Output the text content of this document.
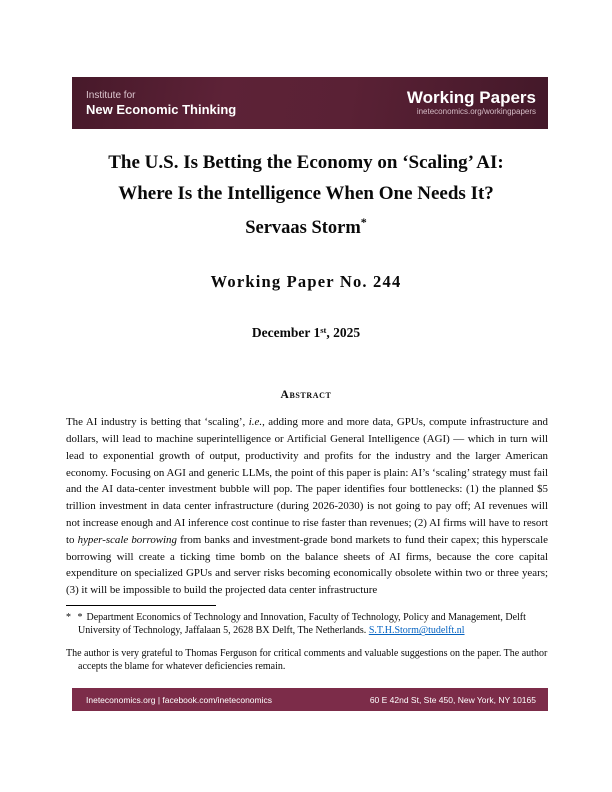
Institute for
New Economic Thinking
Working Papers
ineteconomics.org/workingpapers
The U.S. Is Betting the Economy on ‘Scaling’ AI:
Where Is the Intelligence When One Needs It?
Servaas Storm*
Working Paper No. 244
December 1st, 2025
Abstract

The AI industry is betting that ‘scaling’, i.e., adding more and more data, GPUs, compute infrastructure and dollars, will lead to machine superintelligence or Artificial General Intelligence (AGI) — which in turn will lead to exponential growth of output, productivity and profits for the industry and the larger American economy. Focusing on AGI and generic LLMs, the point of this paper is plain: AI’s ‘scaling’ strategy must fail and the AI data-center investment bubble will pop. The paper identifies four bottlenecks: (1) the planned $5 trillion investment in data center infrastructure (during 2026-2030) is not going to pay off; AI revenues will not increase enough and AI inference cost continue to rise faster than revenues; (2) AI firms will have to resort to hyper-scale borrowing from banks and investment-grade bond markets to fund their capex; this hyperscale borrowing will create a ticking time bomb on the balance sheets of AI firms, because the core capital expenditure on specialized GPUs and server risks becoming economically obsolete within two or three years; (3) it will be impossible to build the projected data center infrastructure

* * Department Economics of Technology and Innovation, Faculty of Technology, Policy and Management, Delft University of Technology, Jaffalaan 5, 2628 BX Delft, The Netherlands. S.T.H.Storm@tudelft.nl
The author is very grateful to Thomas Ferguson for critical comments and valuable suggestions on the paper. The author accepts the blame for whatever deficiencies remain.
Ineteconomics.org | facebook.com/ineteconomics	60 E 42nd St, Ste 450, New York, NY 10165
